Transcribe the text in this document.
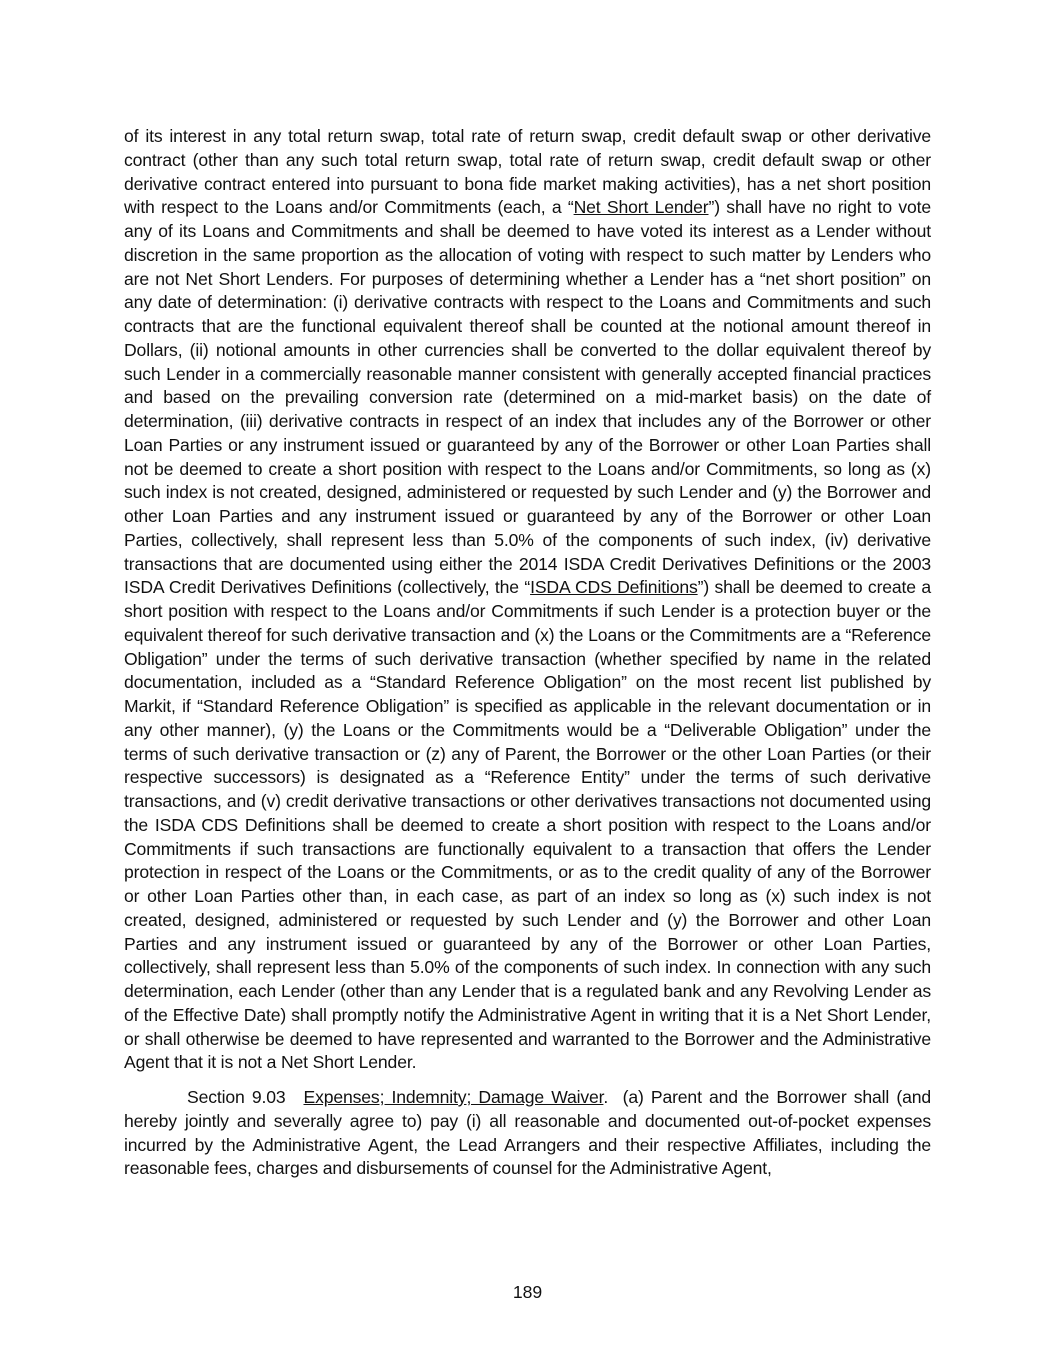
of its interest in any total return swap, total rate of return swap, credit default swap or other derivative contract (other than any such total return swap, total rate of return swap, credit default swap or other derivative contract entered into pursuant to bona fide market making activities), has a net short position with respect to the Loans and/or Commitments (each, a “Net Short Lender”) shall have no right to vote any of its Loans and Commitments and shall be deemed to have voted its interest as a Lender without discretion in the same proportion as the allocation of voting with respect to such matter by Lenders who are not Net Short Lenders. For purposes of determining whether a Lender has a “net short position” on any date of determination: (i) derivative contracts with respect to the Loans and Commitments and such contracts that are the functional equivalent thereof shall be counted at the notional amount thereof in Dollars, (ii) notional amounts in other currencies shall be converted to the dollar equivalent thereof by such Lender in a commercially reasonable manner consistent with generally accepted financial practices and based on the prevailing conversion rate (determined on a mid-market basis) on the date of determination, (iii) derivative contracts in respect of an index that includes any of the Borrower or other Loan Parties or any instrument issued or guaranteed by any of the Borrower or other Loan Parties shall not be deemed to create a short position with respect to the Loans and/or Commitments, so long as (x) such index is not created, designed, administered or requested by such Lender and (y) the Borrower and other Loan Parties and any instrument issued or guaranteed by any of the Borrower or other Loan Parties, collectively, shall represent less than 5.0% of the components of such index, (iv) derivative transactions that are documented using either the 2014 ISDA Credit Derivatives Definitions or the 2003 ISDA Credit Derivatives Definitions (collectively, the “ISDA CDS Definitions”) shall be deemed to create a short position with respect to the Loans and/or Commitments if such Lender is a protection buyer or the equivalent thereof for such derivative transaction and (x) the Loans or the Commitments are a “Reference Obligation” under the terms of such derivative transaction (whether specified by name in the related documentation, included as a “Standard Reference Obligation” on the most recent list published by Markit, if “Standard Reference Obligation” is specified as applicable in the relevant documentation or in any other manner), (y) the Loans or the Commitments would be a “Deliverable Obligation” under the terms of such derivative transaction or (z) any of Parent, the Borrower or the other Loan Parties (or their respective successors) is designated as a “Reference Entity” under the terms of such derivative transactions, and (v) credit derivative transactions or other derivatives transactions not documented using the ISDA CDS Definitions shall be deemed to create a short position with respect to the Loans and/or Commitments if such transactions are functionally equivalent to a transaction that offers the Lender protection in respect of the Loans or the Commitments, or as to the credit quality of any of the Borrower or other Loan Parties other than, in each case, as part of an index so long as (x) such index is not created, designed, administered or requested by such Lender and (y) the Borrower and other Loan Parties and any instrument issued or guaranteed by any of the Borrower or other Loan Parties, collectively, shall represent less than 5.0% of the components of such index. In connection with any such determination, each Lender (other than any Lender that is a regulated bank and any Revolving Lender as of the Effective Date) shall promptly notify the Administrative Agent in writing that it is a Net Short Lender, or shall otherwise be deemed to have represented and warranted to the Borrower and the Administrative Agent that it is not a Net Short Lender.

Section 9.03 Expenses; Indemnity; Damage Waiver. (a) Parent and the Borrower shall (and hereby jointly and severally agree to) pay (i) all reasonable and documented out-of-pocket expenses incurred by the Administrative Agent, the Lead Arrangers and their respective Affiliates, including the reasonable fees, charges and disbursements of counsel for the Administrative Agent,

189
